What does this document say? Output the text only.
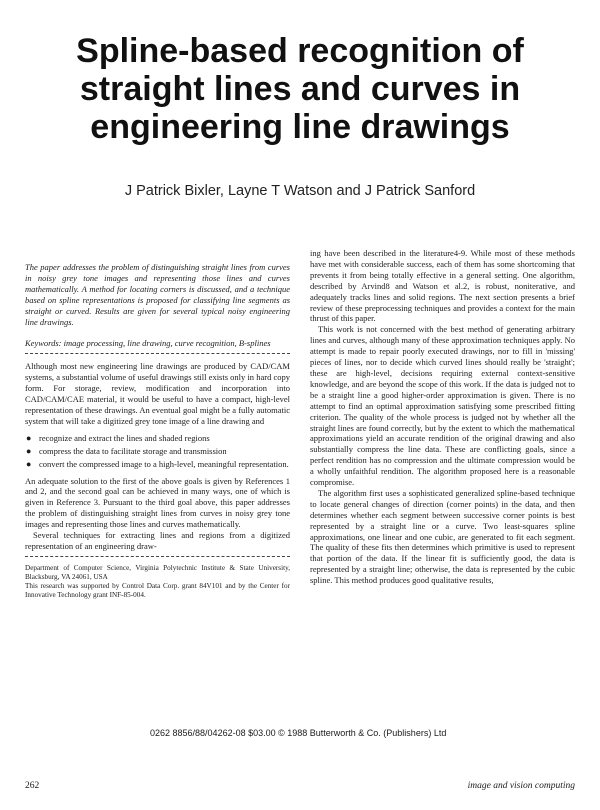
Spline-based recognition of straight lines and curves in engineering line drawings

J Patrick Bixler, Layne T Watson and J Patrick Sanford

The paper addresses the problem of distinguishing straight lines from curves in noisy grey tone images and representing those lines and curves mathematically. A method for locating corners is discussed, and a technique based on spline representations is proposed for classifying line segments as straight or curved. Results are given for several typical noisy engineering line drawings.

Keywords: image processing, line drawing, curve recognition, B-splines

Although most new engineering line drawings are produced by CAD/CAM systems, a substantial volume of useful drawings still exists only in hard copy form. For storage, review, modification and incorporation into CAD/CAM/CAE material, it would be useful to have a compact, high-level representation of these drawings. An eventual goal might be a fully automatic system that will take a digitized grey tone image of a line drawing and

● recognize and extract the lines and shaded regions
● compress the data to facilitate storage and transmission
● convert the compressed image to a high-level, meaningful representation.

An adequate solution to the first of the above goals is given by References 1 and 2, and the second goal can be achieved in many ways, one of which is given in Reference 3. Pursuant to the third goal above, this paper addresses the problem of distinguishing straight lines from curves in noisy grey tone images and representing those lines and curves mathematically.

Several techniques for extracting lines and regions from a digitized representation of an engineering draw-

Department of Computer Science, Virginia Polytechnic Institute & State University, Blacksburg, VA 24061, USA

This research was supported by Control Data Corp. grant 84V101 and by the Center for Innovative Technology grant INF-85-004.

ing have been described in the literature4-9. While most of these methods have met with considerable success, each of them has some shortcoming that prevents it from being totally effective in a general setting. One algorithm, described by Arvind8 and Watson et al.2, is robust, noniterative, and adequately tracks lines and solid regions. The next section presents a brief review of these preprocessing techniques and provides a context for the main thrust of this paper.

This work is not concerned with the best method of generating arbitrary lines and curves, although many of these approximation techniques apply. No attempt is made to repair poorly executed drawings, nor to fill in 'missing' pieces of lines, nor to decide which curved lines should really be 'straight'; these are high-level, decisions requiring external context-sensitive knowledge, and are beyond the scope of this work. If the data is judged not to be a straight line a good higher-order approximation is given. There is no attempt to find an optimal approximation satisfying some prescribed fitting criterion. The quality of the whole process is judged not by whether all the straight lines are found correctly, but by the extent to which the mathematical approximations yield an accurate rendition of the original drawing and also substantially compress the line data. These are conflicting goals, since a perfect rendition has no compression and the ultimate compression would be a wholly unfaithful rendition. The algorithm proposed here is a reasonable compromise.

The algorithm first uses a sophisticated generalized spline-based technique to locate general changes of direction (corner points) in the data, and then determines whether each segment between successive corner points is best represented by a straight line or a curve. Two least-squares spline approximations, one linear and one cubic, are generated to fit each segment. The quality of these fits then determines which primitive is used to represent that portion of the data. If the linear fit is sufficiently good, the data is represented by a straight line; otherwise, the data is represented by the cubic spline. This method produces good qualitative results,

0262 8856/88/04262-08 $03.00 © 1988 Butterworth & Co. (Publishers) Ltd

262	image and vision computing
